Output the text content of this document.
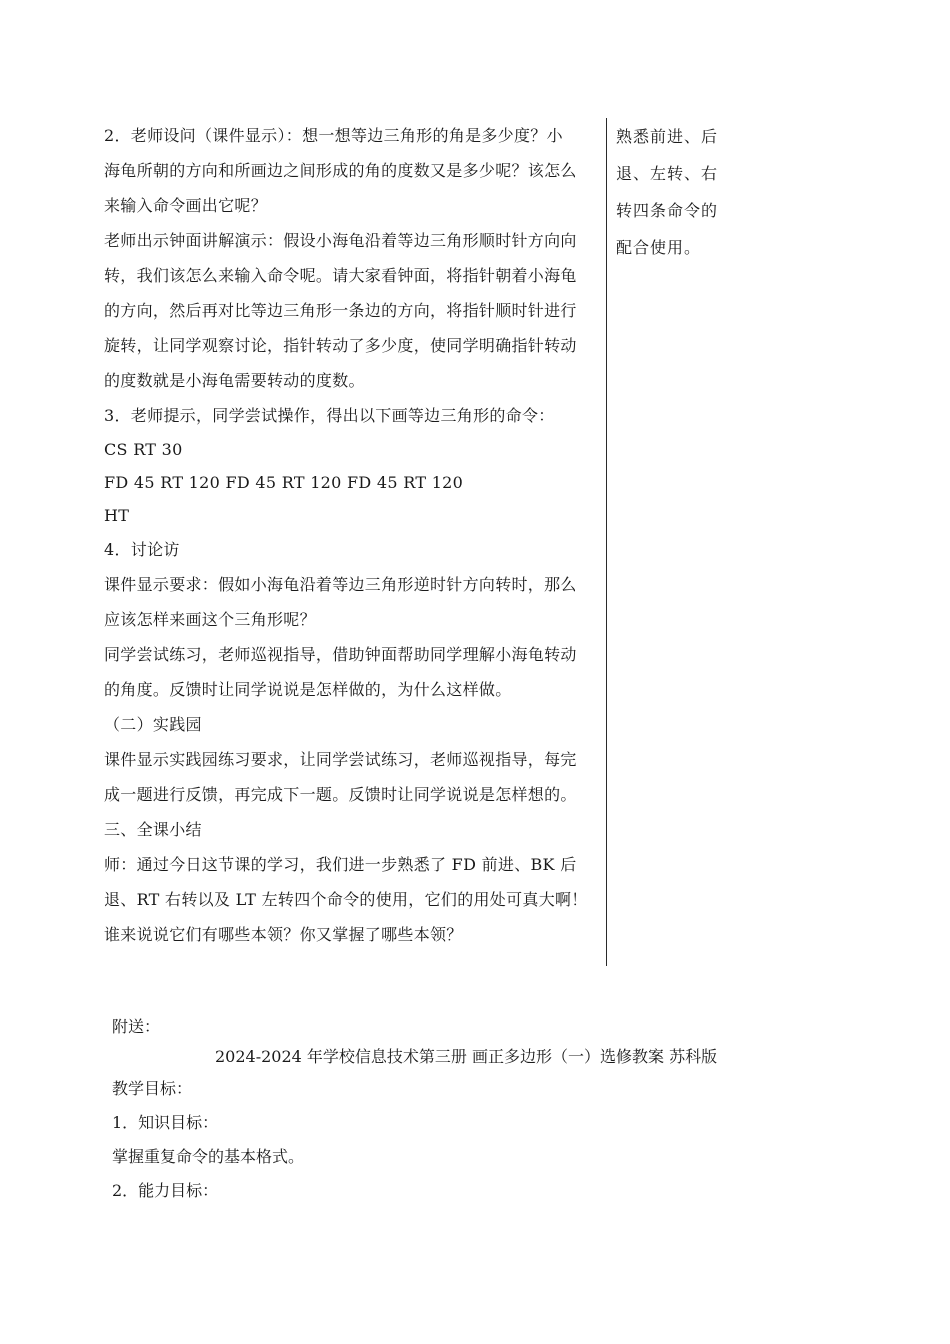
2．老师设问（课件显示）：想一想等边三角形的角是多少度？小
海龟所朝的方向和所画边之间形成的角的度数又是多少呢？该怎么
来输入命令画出它呢？
老师出示钟面讲解演示：假设小海龟沿着等边三角形顺时针方向向
转，我们该怎么来输入命令呢。请大家看钟面，将指针朝着小海龟
的方向，然后再对比等边三角形一条边的方向，将指针顺时针进行
旋转，让同学观察讨论，指针转动了多少度，使同学明确指针转动
的度数就是小海龟需要转动的度数。
3．老师提示，同学尝试操作，得出以下画等边三角形的命令：
CS RT 30
FD 45 RT 120 FD 45 RT 120 FD 45 RT 120
HT
4．讨论访
课件显示要求：假如小海龟沿着等边三角形逆时针方向转时，那么
应该怎样来画这个三角形呢？
同学尝试练习，老师巡视指导，借助钟面帮助同学理解小海龟转动
的角度。反馈时让同学说说是怎样做的，为什么这样做。
（二）实践园
课件显示实践园练习要求，让同学尝试练习，老师巡视指导，每完
成一题进行反馈，再完成下一题。反馈时让同学说说是怎样想的。
三、全课小结
师：通过今日这节课的学习，我们进一步熟悉了 FD 前进、BK 后
退、RT 右转以及 LT 左转四个命令的使用，它们的用处可真大啊！
谁来说说它们有哪些本领？你又掌握了哪些本领？
熟悉前进、后
退、左转、右
转四条命令的
配合使用。
附送：
2024-2024 年学校信息技术第三册 画正多边形（一）选修教案 苏科版
教学目标：
1．知识目标：
掌握重复命令的基本格式。
2．能力目标：
